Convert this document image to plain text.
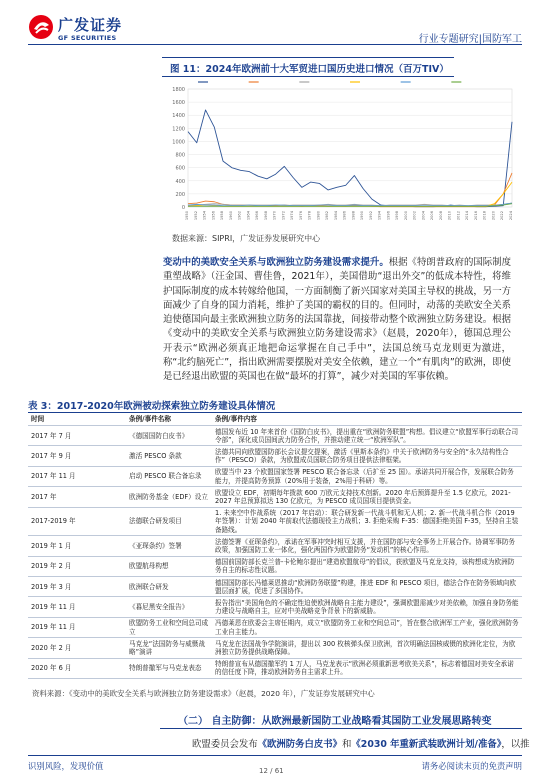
广发证券
GF SECURITIES	行业专题研究|国防军工
图 11：2024年欧洲前十大军贸进口国历史进口情况（百万TIV）
0
200
400
600
800
1000
1200
1400
1600
1800
1950 1952 1954 1956 1958 1960 1962 1964 1966 1968 1970 1972 1974 1976 1978 1980 1982 1984 1986 1988 1990 1992 1994 1996 1998 2000 2002 2004 2006 2008 2010 2012 2014 2016 2018 2020 2022 2024
数据来源：SIPRI，广发证券发展研究中心
变动中的美欧安全关系与欧洲独立防务建设需求提升。根据《特朗普政府的国际制度重塑战略》（汪金国、曹佳鲁，2021年），美国借助“退出外交”的低成本特性，将维护国际制度的成本转嫁给他国，一方面制衡了新兴国家对美国主导权的挑战，另一方面减少了自身的国力消耗，维护了美国的霸权的目的。但同时，动荡的美欧安全关系迫使德国向最主张欧洲独立防务的法国靠拢，间接带动整个欧洲独立防务建设。根据《变动中的美欧安全关系与欧洲独立防务建设需求》（赵晨，2020年），德国总理公开表示“欧洲必须真正地把命运掌握在自己手中”，法国总统马克龙则更为激进，称“北约脑死亡”，指出欧洲需要摆脱对美安全依赖，建立一个“有肌肉”的欧洲，即使是已经退出欧盟的英国也在做“最坏的打算”，减少对美国的军事依赖。
表 3：2017-2020年欧洲被动探索独立防务建设具体情况
时间	条例/事件名称	条例/事件内容
2017 年 7 月	《德国国防白皮书》	德国发布近 10 年来首份《国防白皮书》，提出重在“欧洲防务联盟”构想。倡议建立“欧盟军事行动联合司令部”，深化成员国间武力防务合作，并推动建立统一“欧洲军队”。
2017 年 9 月	激活 PESCO 条款	法德共同向欧盟国防部长会议提交提案，激活《里斯本条约》中关于欧洲防务与安全的“永久结构性合作”（PESCO）条款，为欧盟成员国联合防务项目提供法律框架。
2017 年 11 月	启动 PESCO 联合备忘录	欧盟当中 23 个欧盟国家签署 PESCO 联合备忘录（后扩至 25 国）。承诺共同开展合作，发展联合防务能力，并提高防务预算（20%用于装备，2%用于科研）等。
2017 年	欧洲防务基金（EDF）设立	欧盟设立 EDF，初期每年拨款 600 万欧元支持技术创新。2020 年后预算提升至 1.5 亿欧元，2021-2027 年总预算拟达 130 亿欧元，为 PESCO 成员国项目提供资金。
2017-2019 年	法德联合研发项目	1. 未来空中作战系统（2017 年启动）：联合研发新一代战斗机和无人机；2. 新一代战斗机合作（2019 年签署）：计划 2040 年前取代法德现役主力战机；3. 拒绝采购 F-35：德国拒绝美国 F-35，坚持自主装备路线。
2019 年 1 月	《亚琛条约》签署	法德签署《亚琛条约》，承诺在军事冲突时相互支援，并在国防部与安全事务上开展合作。协调军事防务政策，加强国防工业一体化，强化两国作为欧盟防务“发动机”的核心作用。
2019 年 2 月	欧盟航母构想	德国前国防部长克兰普-卡伦鲍尔提出“建造欧盟航母”的倡议，获欧盟及马克龙支持，该构想成为欧洲防务自主的标志性议题。
2019 年 3 月	欧洲联合研发	德国国防部长冯德莱恩推动“欧洲防务联盟”构建，推进 EDF 和 PESCO 项目，德法合作在防务领域向欧盟层面扩展，促进了多国协作。
2019 年 11 月	《暮尼黑安全报告》	报告指出“美国角色的不确定性迫使欧洲战略自主能力建设”，强调欧盟需减少对美依赖，加强自身防务能力建设与战略自主，应对中美战略竞争背景下的新威胁。
2019 年 11 月	欧盟防务工业和空间总司成立	冯德莱恩在欧委会主席任期内，成立“欧盟防务工业和空间总司”，旨在整合欧洲军工产业，强化欧洲防务工业自主能力。
2020 年 2 月	马克龙“法国防务与威慑战略”演讲	马克龙在法国战争学院演讲，提出以 300 枚核弹头保卫欧洲，首次明确法国核威慑的欧洲化定位，为欧洲独立防务提供战略保障。
2020 年 6 月	特朗普撤军与马克龙表态	特朗普宣布从德国撤军约 1 万人，马克龙表示“欧洲必须重新思考欧美关系”，标志着德国对美安全承诺的信任度下降，推动欧洲防务自主需求上升。
资料来源：《变动中的美欧安全关系与欧洲独立防务建设需求》（赵晨，2020 年），广发证券发展研究中心
（二） 自主防御：从欧洲最新国防工业战略看其国防工业发展思路转变
欧盟委员会发布《欧洲防务白皮书》和《2030 年重新武装欧洲计划/准备》，以推
识别风险，发现价值	12 / 61	请务必阅读末页的免责声明
